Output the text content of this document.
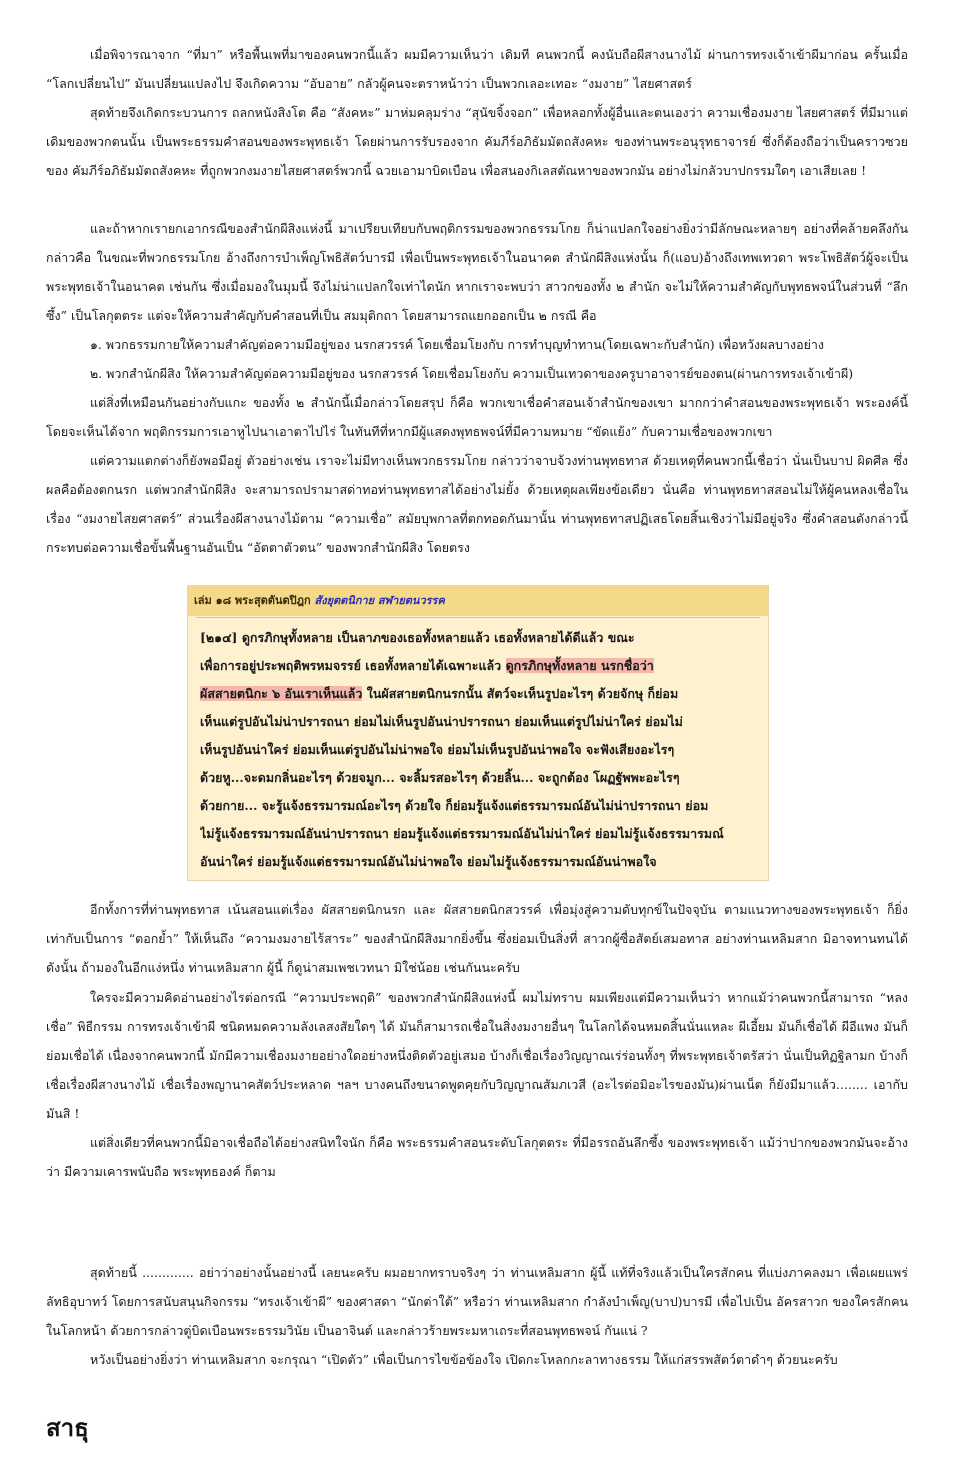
เมื่อพิจารณาจาก “ที่มา” หรือพื้นเพที่มาของคนพวกนี้แล้ว ผมมีความเห็นว่า เดิมที คนพวกนี้ คงนับถือผีสางนางไม้ ผ่านการทรงเจ้าเข้าผีมาก่อน ครั้นเมื่อ “โลกเปลี่ยนไป” มันเปลี่ยนแปลงไป จึงเกิดความ “อับอาย” กลัวผู้คนจะตราหน้าว่า เป็นพวกเลอะเทอะ “งมงาย” ไสยศาสตร์

สุดท้ายจึงเกิดกระบวนการ ถลกหนังสิงโต คือ “สังคหะ” มาห่มคลุมร่าง “สุนัขจิ้งจอก” เพื่อหลอกทั้งผู้อื่นและตนเองว่า ความเชื่องมงาย ไสยศาสตร์ ที่มีมาแต่เดิมของพวกตนนั้น เป็นพระธรรมคำสอนของพระพุทธเจ้า โดยผ่านการรับรองจาก คัมภีร์อภิธัมมัตถสังคหะ ของท่านพระอนุรุทธาจารย์ ซึ่งก็ต้องถือว่าเป็นคราวซวยของ คัมภีร์อภิธัมมัตถสังคหะ ที่ถูกพวกงมงายไสยศาสตร์พวกนี้ ฉวยเอามาบิดเบือน เพื่อสนองกิเลสตัณหาของพวกมัน อย่างไม่กลัวบาปกรรมใดๆ เอาเสียเลย !

และถ้าหากเรายกเอากรณีของสำนักผีสิงแห่งนี้ มาเปรียบเทียบกับพฤติกรรมของพวกธรรมโกย ก็น่าแปลกใจอย่างยิ่งว่ามีลักษณะหลายๆ อย่างที่คล้ายคลึงกัน กล่าวคือ ในขณะที่พวกธรรมโกย อ้างถึงการบำเพ็ญโพธิสัตว์บารมี เพื่อเป็นพระพุทธเจ้าในอนาคต สำนักผีสิงแห่งนั้น ก็(แอบ)อ้างถึงเทพเทวดา พระโพธิสัตว์ผู้จะเป็นพระพุทธเจ้าในอนาคต เช่นกัน ซึ่งเมื่อมองในมุมนี้ จึงไม่น่าแปลกใจเท่าไดนัก หากเราจะพบว่า สาวกของทั้ง ๒ สำนัก จะไม่ให้ความสำคัญกับพุทธพจน์ในส่วนที่ “ลึกซึ้ง” เป็นโลกุตตระ แต่จะให้ความสำคัญกับคำสอนที่เป็น สมมุติกถา โดยสามารถแยกออกเป็น ๒ กรณี คือ

๑. พวกธรรมกายให้ความสำคัญต่อความมีอยู่ของ นรกสวรรค์ โดยเชื่อมโยงกับ การทำบุญทำทาน(โดยเฉพาะกับสำนัก) เพื่อหวังผลบางอย่าง

๒. พวกสำนักผีสิง ให้ความสำคัญต่อความมีอยู่ของ นรกสวรรค์ โดยเชื่อมโยงกับ ความเป็นเทวดาของครูบาอาจารย์ของตน(ผ่านการทรงเจ้าเข้าผี)

แต่สิ่งที่เหมือนกันอย่างกับแกะ ของทั้ง ๒ สำนักนี้เมื่อกล่าวโดยสรุป ก็คือ พวกเขาเชื่อคำสอนเจ้าสำนักของเขา มากกว่าคำสอนของพระพุทธเจ้า พระองค์นี้ โดยจะเห็นได้จาก พฤติกรรมการเอาหูไปนาเอาตาไปไร่ ในทันทีที่หากมีผู้แสดงพุทธพจน์ที่มีความหมาย “ขัดแย้ง” กับความเชื่อของพวกเขา

แต่ความแตกต่างก็ยังพอมีอยู่ ตัวอย่างเช่น เราจะไม่มีทางเห็นพวกธรรมโกย กล่าวว่าจาบจ้วงท่านพุทธทาส ด้วยเหตุที่คนพวกนี้เชื่อว่า นั่นเป็นบาป ผิดศีล ซึ่งผลคือต้องตกนรก แต่พวกสำนักผีสิง จะสามารถปรามาสด่าทอท่านพุทธทาสได้อย่างไม่ยั้ง ด้วยเหตุผลเพียงข้อเดียว นั่นคือ ท่านพุทธทาสสอนไม่ให้ผู้คนหลงเชื่อในเรื่อง “งมงายไสยศาสตร์” ส่วนเรื่องผีสางนางไม้ตาม “ความเชื่อ” สมัยบุพกาลที่ตกทอดกันมานั้น ท่านพุทธทาสปฏิเสธโดยสิ้นเชิงว่าไม่มีอยู่จริง ซึ่งคำสอนดังกล่าวนี้ กระทบต่อความเชื่อขั้นพื้นฐานอันเป็น “อัตตาตัวตน” ของพวกสำนักผีสิง โดยตรง

เล่ม ๑๘ พระสุตตันตปิฎก สังยุตตนิกาย สฬายตนวรรค
[๒๑๔] ดูกรภิกษุทั้งหลาย เป็นลาภของเธอทั้งหลายแล้ว เธอทั้งหลายได้ดีแล้ว ขณะ
เพื่อการอยู่ประพฤติพรหมจรรย์ เธอทั้งหลายได้เฉพาะแล้ว ดูกรภิกษุทั้งหลาย นรกชื่อว่า
ผัสสายตนิกะ ๖ อันเราเห็นแล้ว ในผัสสายตนิกนรกนั้น สัตว์จะเห็นรูปอะไรๆ ด้วยจักษุ ก็ย่อม
เห็นแต่รูปอันไม่น่าปรารถนา ย่อมไม่เห็นรูปอันน่าปรารถนา ย่อมเห็นแต่รูปไม่น่าใคร่ ย่อมไม่
เห็นรูปอันน่าใคร่ ย่อมเห็นแต่รูปอันไม่น่าพอใจ ย่อมไม่เห็นรูปอันน่าพอใจ จะฟังเสียงอะไรๆ
ด้วยหู...จะดมกลิ่นอะไรๆ ด้วยจมูก... จะลิ้มรสอะไรๆ ด้วยลิ้น... จะถูกต้อง โผฏฐัพพะอะไรๆ
ด้วยกาย... จะรู้แจ้งธรรมารมณ์อะไรๆ ด้วยใจ ก็ย่อมรู้แจ้งแต่ธรรมารมณ์อันไม่น่าปรารถนา ย่อม
ไม่รู้แจ้งธรรมารมณ์อันน่าปรารถนา ย่อมรู้แจ้งแต่ธรรมารมณ์อันไม่น่าใคร่ ย่อมไม่รู้แจ้งธรรมารมณ์
อันน่าใคร่ ย่อมรู้แจ้งแต่ธรรมารมณ์อันไม่น่าพอใจ ย่อมไม่รู้แจ้งธรรมารมณ์อันน่าพอใจ

อีกทั้งการที่ท่านพุทธทาส เน้นสอนแต่เรื่อง ผัสสายตนิกนรก และ ผัสสายตนิกสวรรค์ เพื่อมุ่งสู่ความดับทุกข์ในปัจจุบัน ตามแนวทางของพระพุทธเจ้า ก็ยิ่งเท่ากับเป็นการ “ตอกย้ำ” ให้เห็นถึง “ความงมงายไร้สาระ” ของสำนักผีสิงมากยิ่งขึ้น ซึ่งย่อมเป็นสิ่งที่ สาวกผู้ซื่อสัตย์เสมอทาส อย่างท่านเหลิมสาก มิอาจทานทนได้ ดังนั้น ถ้ามองในอีกแง่หนึ่ง ท่านเหลิมสาก ผู้นี้ ก็ดูน่าสมเพชเวทนา มิใช่น้อย เช่นกันนะครับ

ใครจะมีความคิดอ่านอย่างไรต่อกรณี “ความประพฤติ” ของพวกสำนักผีสิงแห่งนี้ ผมไม่ทราบ ผมเพียงแต่มีความเห็นว่า หากแม้ว่าคนพวกนี้สามารถ “หลงเชื่อ” พิธีกรรม การทรงเจ้าเข้าผี ชนิดหมดความลังเลสงสัยใดๆ ได้ มันก็สามารถเชื่อในสิ่งงมงายอื่นๆ ในโลกได้จนหมดสิ้นนั่นแหละ ผีเอี้ยม มันก็เชื่อได้ ผีอีแพง มันก็ย่อมเชื่อได้ เนื่องจากคนพวกนี้ มักมีความเชื่องมงายอย่างใดอย่างหนึ่งติดตัวอยู่เสมอ บ้างก็เชื่อเรื่องวิญญาณเร่ร่อนทั้งๆ ที่พระพุทธเจ้าตรัสว่า นั่นเป็นทิฏฐิลามก บ้างก็เชื่อเรื่องผีสางนางไม้ เชื่อเรื่องพญานาคสัตว์ประหลาด ฯลฯ บางคนถึงขนาดพูดคุยกับวิญญาณสัมภเวสี (อะไรต่อมิอะไรของมัน)ผ่านเน็ต ก็ยังมีมาแล้ว........ เอากับมันสิ !

แต่สิ่งเดียวที่คนพวกนี้มิอาจเชื่อถือได้อย่างสนิทใจนัก ก็คือ พระธรรมคำสอนระดับโลกุตตระ ที่มีอรรถอันลึกซึ้ง ของพระพุทธเจ้า แม้ว่าปากของพวกมันจะอ้างว่า มีความเคารพนับถือ พระพุทธองค์ ก็ตาม

สุดท้ายนี้ ............. อย่าว่าอย่างนั้นอย่างนี้ เลยนะครับ ผมอยากทราบจริงๆ ว่า ท่านเหลิมสาก ผู้นี้ แท้ที่จริงแล้วเป็นใครสักคน ที่แบ่งภาคลงมา เพื่อเผยแพร่ลัทธิอุบาทว์ โดยการสนับสนุนกิจกรรม “ทรงเจ้าเข้าผี” ของศาสดา “นักต่าใต้” หรือว่า ท่านเหลิมสาก กำลังบำเพ็ญ(บาป)บารมี เพื่อไปเป็น อัครสาวก ของใครสักคน ในโลกหน้า ด้วยการกล่าวตู่บิดเบือนพระธรรมวินัย เป็นอาจินต์ และกล่าวร้ายพระมหาเถระที่สอนพุทธพจน์ กันแน่ ?

หวังเป็นอย่างยิ่งว่า ท่านเหลิมสาก จะกรุณา “เปิดตัว” เพื่อเป็นการไขข้อข้องใจ เปิดกะโหลกกะลาทางธรรม ให้แก่สรรพสัตว์ตาดำๆ ด้วยนะครับ

สาธุ
